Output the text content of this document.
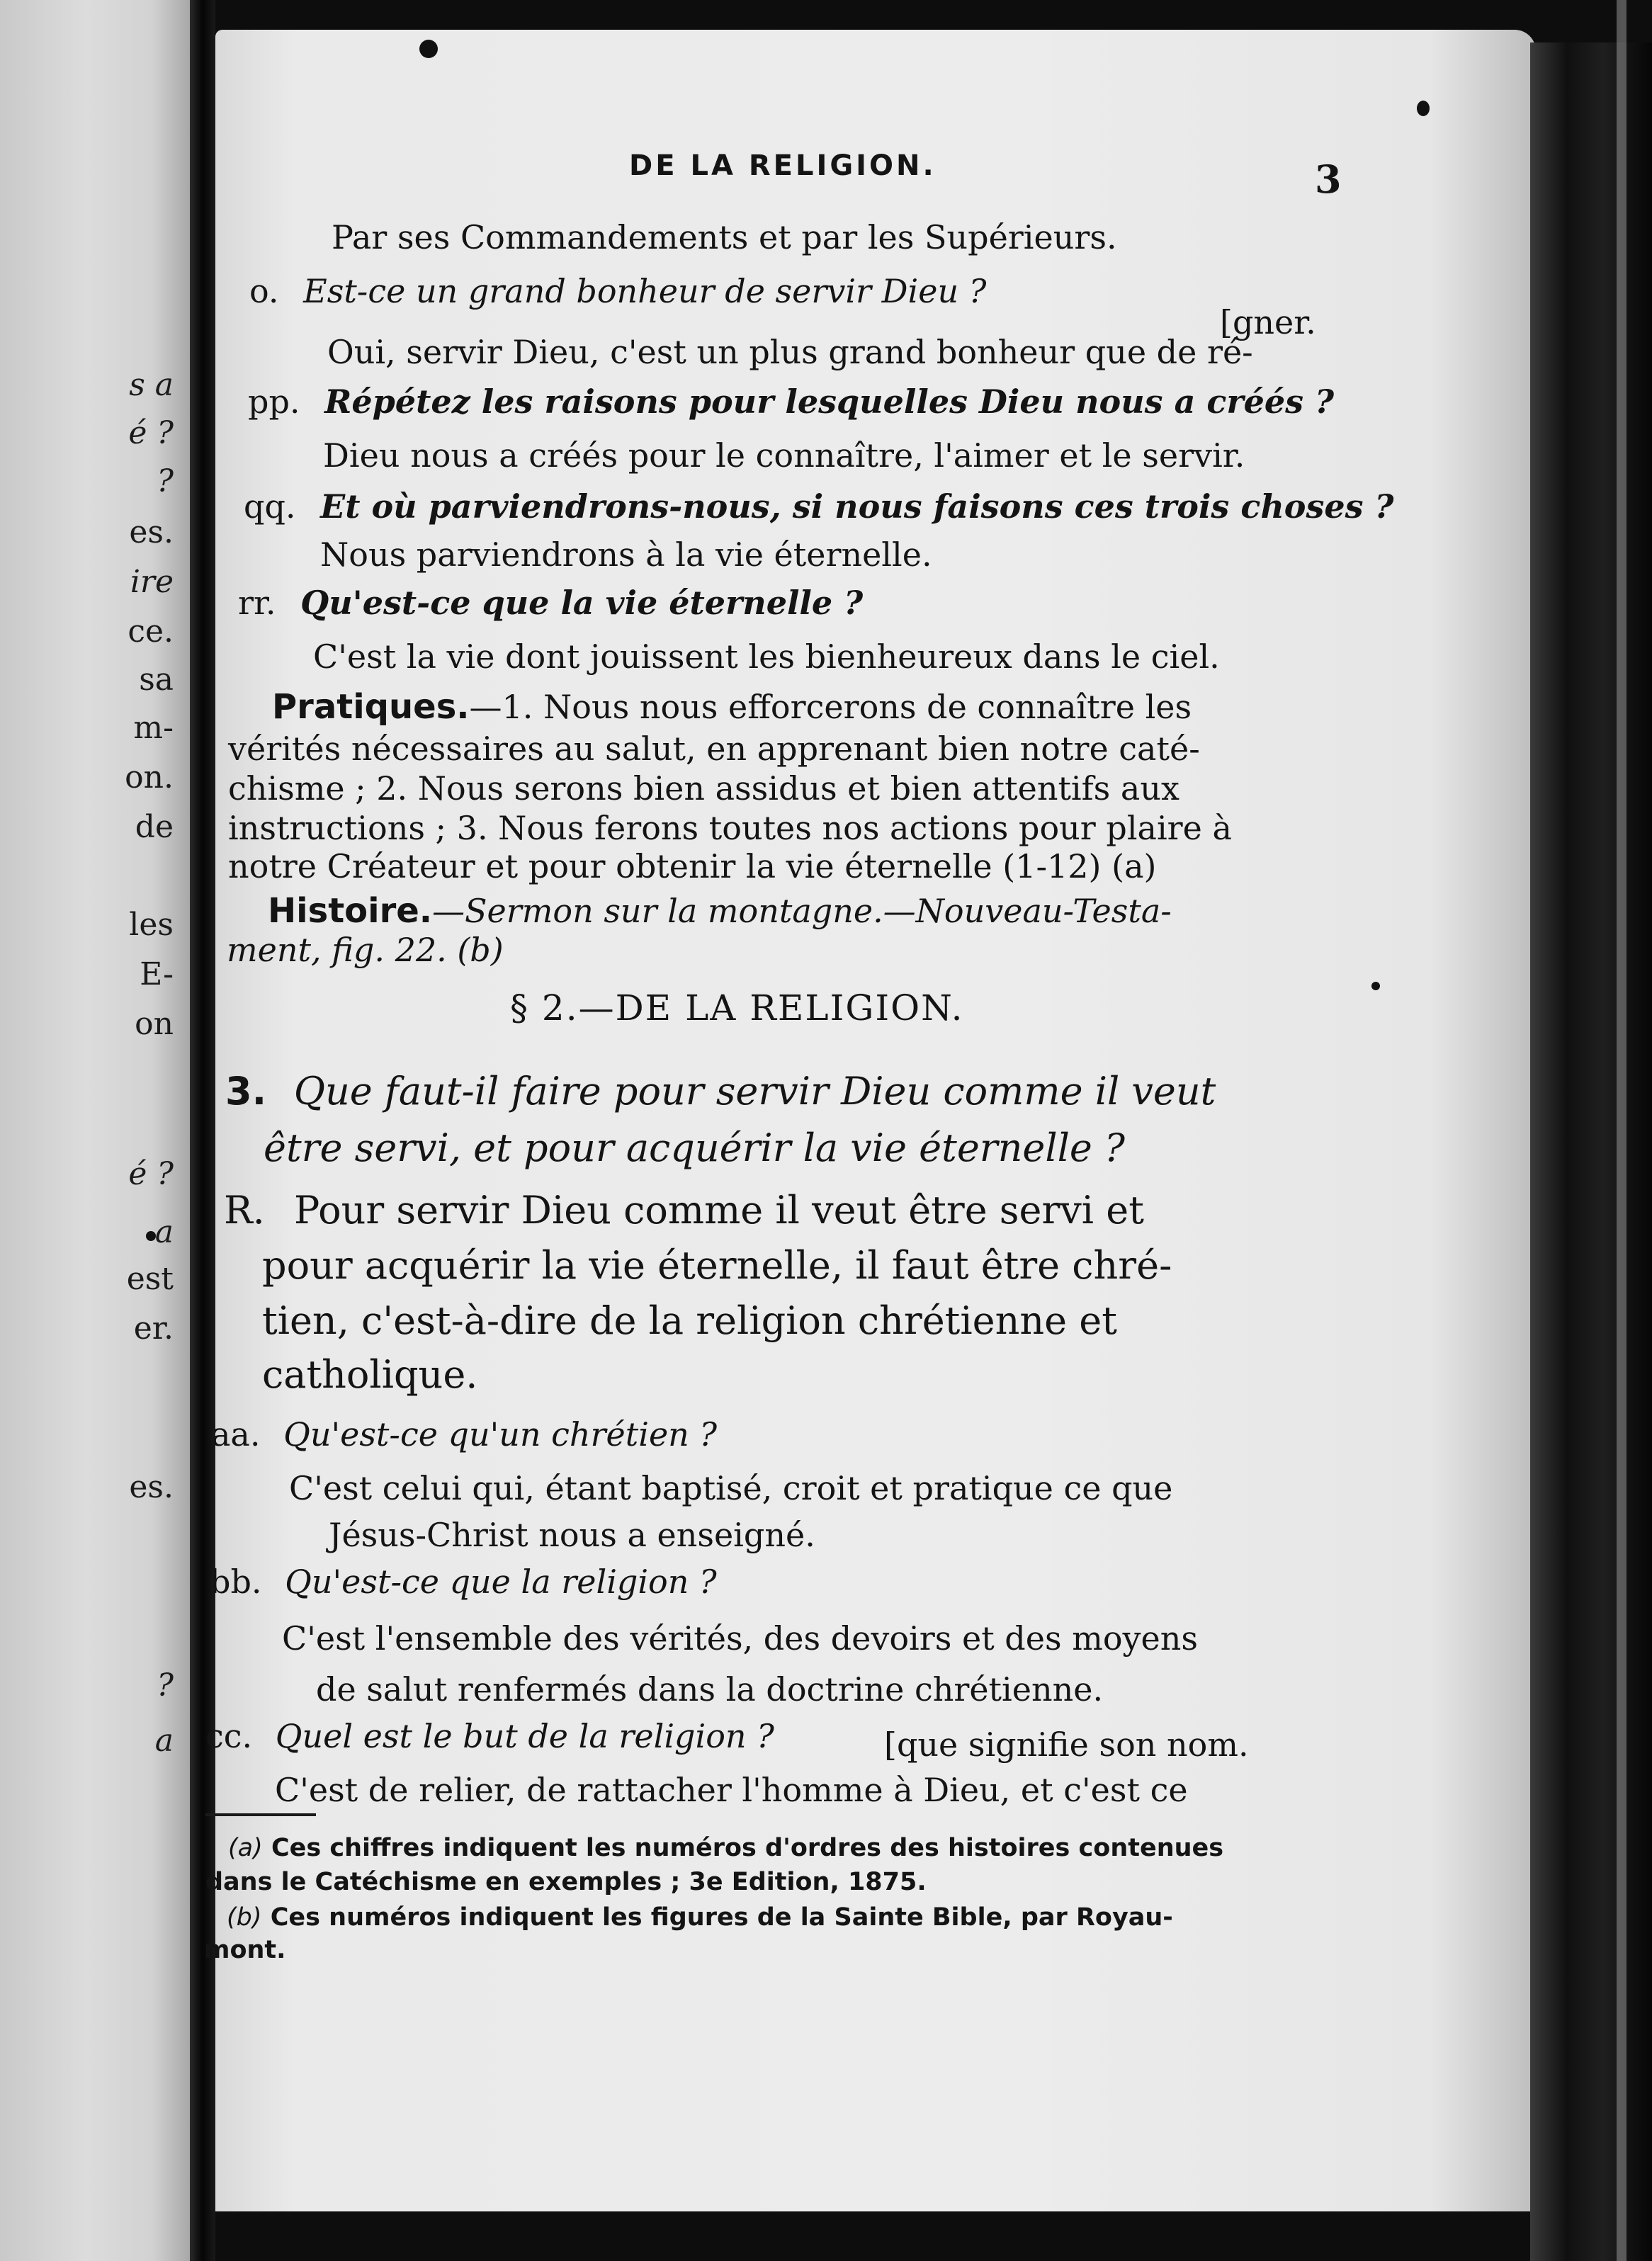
s a
é ?
?
es.
ire
ce.
sa
m-
on.
de
les
E-
on
é ?
a
est
er.
es.
?
a
DE LA RELIGION.	3
Par ses Commandements et par les Supérieurs.
o. Est-ce un grand bonheur de servir Dieu ?
[gner.
Oui, servir Dieu, c'est un plus grand bonheur que de ré-
pp. Répétez les raisons pour lesquelles Dieu nous a créés ?
Dieu nous a créés pour le connaître, l'aimer et le servir.
qq. Et où parviendrons-nous, si nous faisons ces trois choses ?
Nous parviendrons à la vie éternelle.
rr. Qu'est-ce que la vie éternelle ?
C'est la vie dont jouissent les bienheureux dans le ciel.
Pratiques.—1. Nous nous efforcerons de connaître les
vérités nécessaires au salut, en apprenant bien notre caté-
chisme ; 2. Nous serons bien assidus et bien attentifs aux
instructions ; 3. Nous ferons toutes nos actions pour plaire à
notre Créateur et pour obtenir la vie éternelle (1-12) (a)
Histoire.—Sermon sur la montagne.—Nouveau-Testa-
ment, fig. 22. (b)
§ 2.—DE LA RELIGION.
3. Que faut-il faire pour servir Dieu comme il veut
être servi, et pour acquérir la vie éternelle ?
R. Pour servir Dieu comme il veut être servi et
pour acquérir la vie éternelle, il faut être chré-
tien, c'est-à-dire de la religion chrétienne et
catholique.
aa. Qu'est-ce qu'un chrétien ?
C'est celui qui, étant baptisé, croit et pratique ce que
Jésus-Christ nous a enseigné.
bb. Qu'est-ce que la religion ?
C'est l'ensemble des vérités, des devoirs et des moyens
de salut renfermés dans la doctrine chrétienne.
cc. Quel est le but de la religion ?	[que signifie son nom.
C'est de relier, de rattacher l'homme à Dieu, et c'est ce
(a) Ces chiffres indiquent les numéros d'ordres des histoires contenues
dans le Catéchisme en exemples ; 3e Edition, 1875.
(b) Ces numéros indiquent les figures de la Sainte Bible, par Royau-
mont.
